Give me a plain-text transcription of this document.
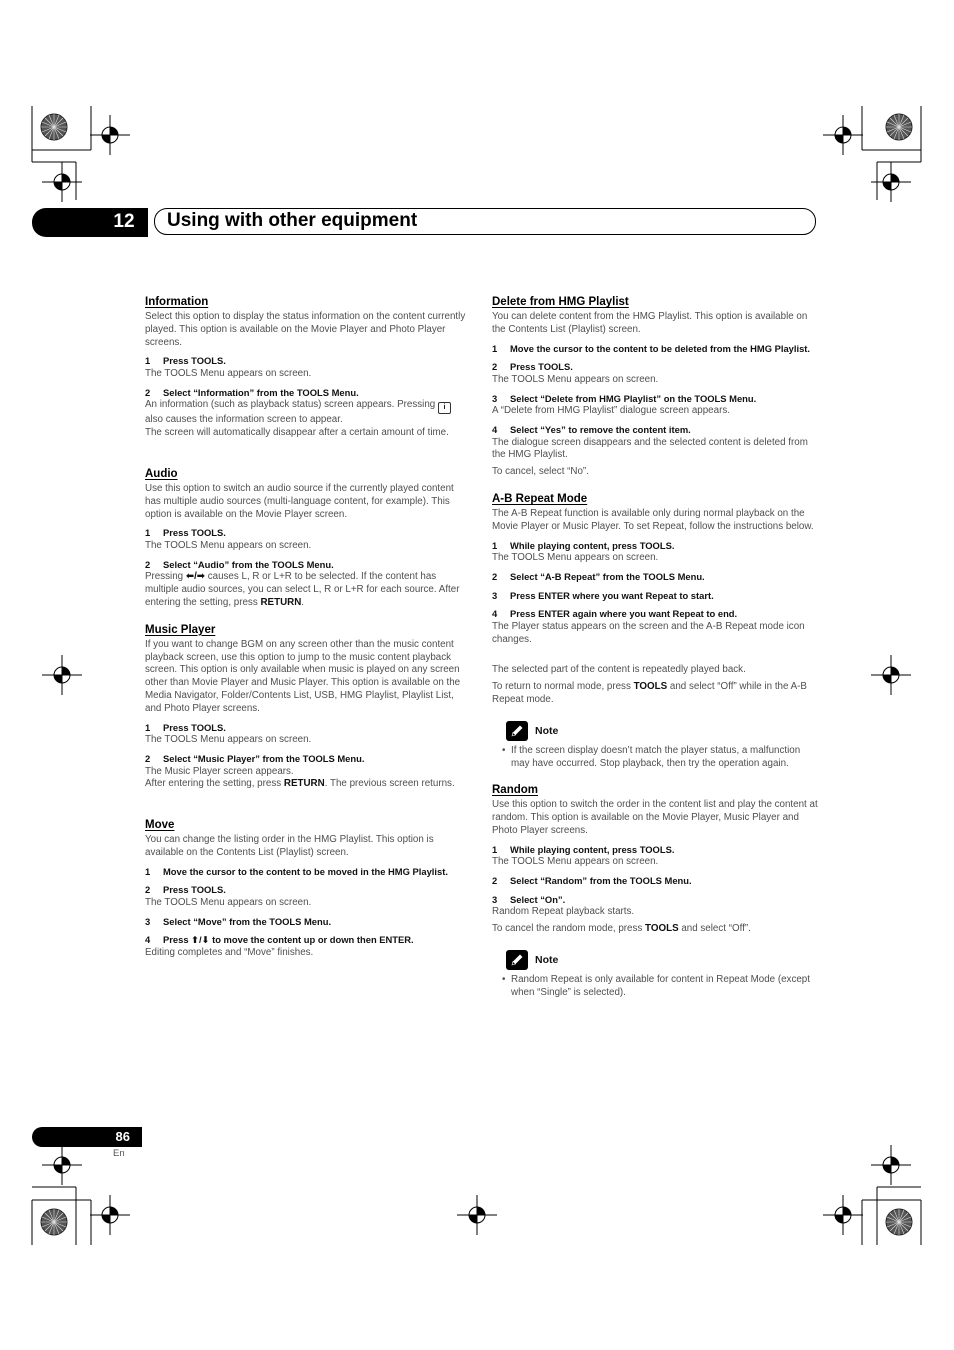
12	Using with other equipment
Information

Select this option to display the status information on the content currently played. This option is available on the Movie Player and Photo Player screens.

1 Press TOOLS.

The TOOLS Menu appears on screen.

2 Select “Information” from the TOOLS Menu.

An information (such as playback status) screen appears. Pressing i also causes the information screen to appear.
The screen will automatically disappear after a certain amount of time.

Audio

Use this option to switch an audio source if the currently played content has multiple audio sources (multi-language content, for example). This option is available on the Movie Player screen.

1 Press TOOLS.

The TOOLS Menu appears on screen.

2 Select “Audio” from the TOOLS Menu.

Pressing ⬅/➡ causes L, R or L+R to be selected. If the content has multiple audio sources, you can select L, R or L+R for each source. After entering the setting, press RETURN.

Music Player

If you want to change BGM on any screen other than the music content playback screen, use this option to jump to the music content playback screen. This option is only available when music is played on any screen other than Movie Player and Music Player. This option is available on the Media Navigator, Folder/Contents List, USB, HMG Playlist, Playlist List, and Photo Player screens.

1 Press TOOLS.

The TOOLS Menu appears on screen.

2 Select “Music Player” from the TOOLS Menu.

The Music Player screen appears.
After entering the setting, press RETURN. The previous screen returns.

Move

You can change the listing order in the HMG Playlist. This option is available on the Contents List (Playlist) screen.

1 Move the cursor to the content to be moved in the HMG Playlist.
2 Press TOOLS.

The TOOLS Menu appears on screen.

3 Select “Move” from the TOOLS Menu.
4 Press ⬆/⬇ to move the content up or down then ENTER.

Editing completes and “Move” finishes.

Delete from HMG Playlist

You can delete content from the HMG Playlist. This option is available on the Contents List (Playlist) screen.

1 Move the cursor to the content to be deleted from the HMG Playlist.
2 Press TOOLS.

The TOOLS Menu appears on screen.

3 Select “Delete from HMG Playlist” on the TOOLS Menu.

A “Delete from HMG Playlist” dialogue screen appears.

4 Select “Yes” to remove the content item.

The dialogue screen disappears and the selected content is deleted from the HMG Playlist.

To cancel, select “No”.

A-B Repeat Mode

The A-B Repeat function is available only during normal playback on the Movie Player or Music Player. To set Repeat, follow the instructions below.

1 While playing content, press TOOLS.

The TOOLS Menu appears on screen.

2 Select “A-B Repeat” from the TOOLS Menu.
3 Press ENTER where you want Repeat to start.
4 Press ENTER again where you want Repeat to end.

The Player status appears on the screen and the A-B Repeat mode icon changes.

The selected part of the content is repeatedly played back.

To return to normal mode, press TOOLS and select “Off” while in the A-B Repeat mode.

Note

• If the screen display doesn’t match the player status, a malfunction may have occurred. Stop playback, then try the operation again.

Random

Use this option to switch the order in the content list and play the content at random. This option is available on the Movie Player, Music Player and Photo Player screens.

1 While playing content, press TOOLS.

The TOOLS Menu appears on screen.

2 Select “Random” from the TOOLS Menu.
3 Select “On”.

Random Repeat playback starts.

To cancel the random mode, press TOOLS and select “Off”.

Note

• Random Repeat is only available for content in Repeat Mode (except when “Single” is selected).

86
En
